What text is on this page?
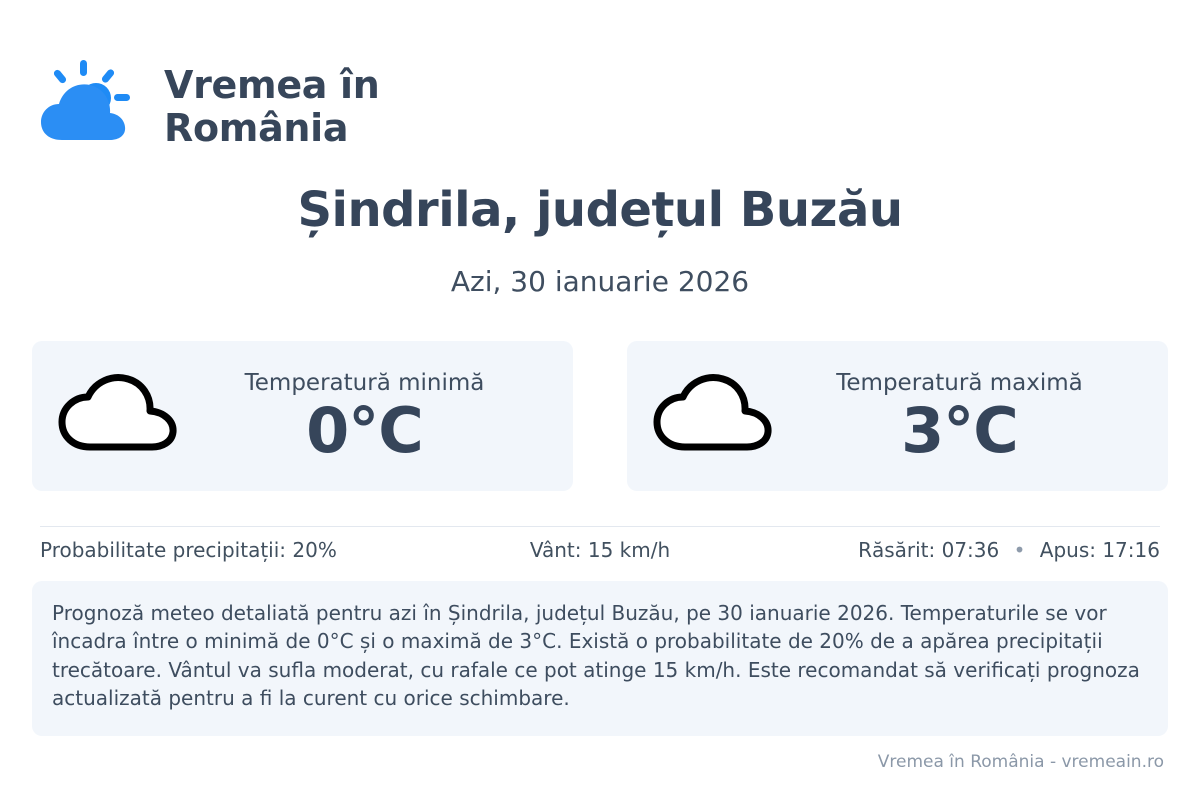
Vremea în
România
Șindrila, județul Buzău
Azi, 30 ianuarie 2026
Temperatură minimă
0°C
Temperatură maximă
3°C
Probabilitate precipitații: 20%	Vânt: 15 km/h	Răsărit: 07:36 • Apus: 17:16
Prognoză meteo detaliată pentru azi în Șindrila, județul Buzău, pe 30 ianuarie 2026. Temperaturile se vor încadra între o minimă de 0°C și o maximă de 3°C. Există o probabilitate de 20% de a apărea precipitații trecătoare. Vântul va sufla moderat, cu rafale ce pot atinge 15 km/h. Este recomandat să verificați prognoza actualizată pentru a fi la curent cu orice schimbare.
Vremea în România - vremeain.ro
